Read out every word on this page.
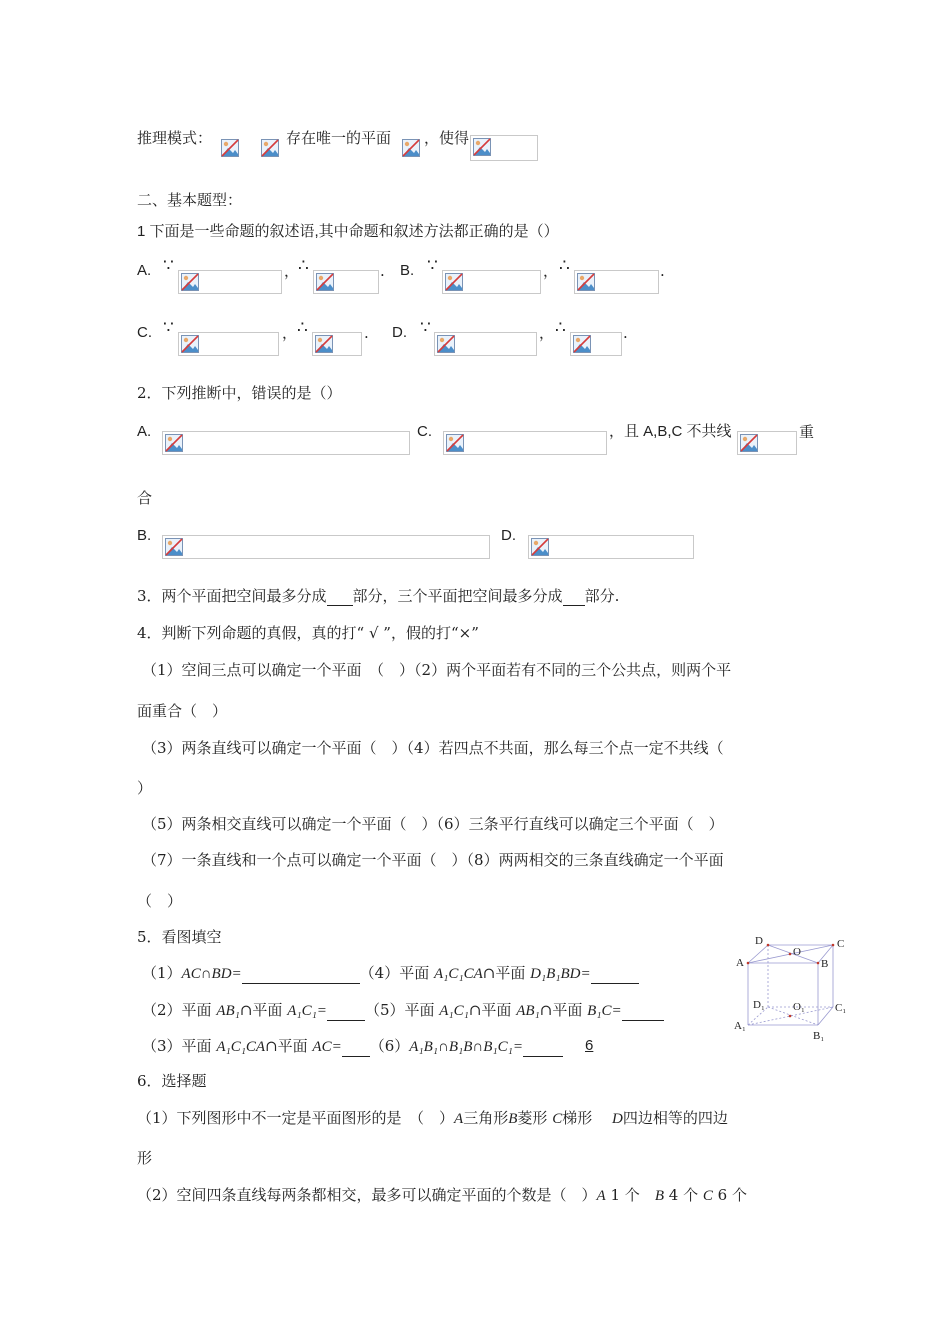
推理模式：	存在唯一的平面 ，使得
二、基本题型：
1 下面是一些命题的叙述语,其中命题和叙述方法都正确的是（）
A. ∵	，
∴	. B. ∵	， ∴	.
C. ∵	， ∴	. D. ∵	， ∴	.
2．下列推断中，错误的是（）
A.	C.	，且 A,B,C 不共线	重
合
B.	D.
3．两个平面把空间最多分成 部分，三个平面把空间最多分成 部分.
4．判断下列命题的真假，真的打“ √ ”，假的打“×”
（1）空间三点可以确定一个平面　（　）（2）两个平面若有不同的三个公共点，则两个平
面重合（　）
（3）两条直线可以确定一个平面（　）（4）若四点不共面，那么每三个点一定不共线（
）
（5）两条相交直线可以确定一个平面（　）（6）三条平行直线可以确定三个平面（　）
（7）一条直线和一个点可以确定一个平面（　）（8）两两相交的三条直线确定一个平面
（　）
5．看图填空
（1）AC∩BD=	（4）平面 A₁C₁CA∩平面 D₁B₁BD=
（2）平面 AB₁∩平面 A₁C₁=	（5）平面 A₁C₁∩平面 AB₁∩平面 B₁C=
（3）平面 A₁C₁CA∩平面 AC= （6）A₁B₁∩B₁B∩B₁C₁=	6
D
O
C
A	B
D₁	O₁	C₁
A₁
B₁
6．选择题
（1）下列图形中不一定是平面图形的是　（　）A三角形B菱形 C梯形　 D四边相等的四边
形
（2）空间四条直线每两条都相交，最多可以确定平面的个数是（　）A 1 个　 B 4 个 C 6 个
